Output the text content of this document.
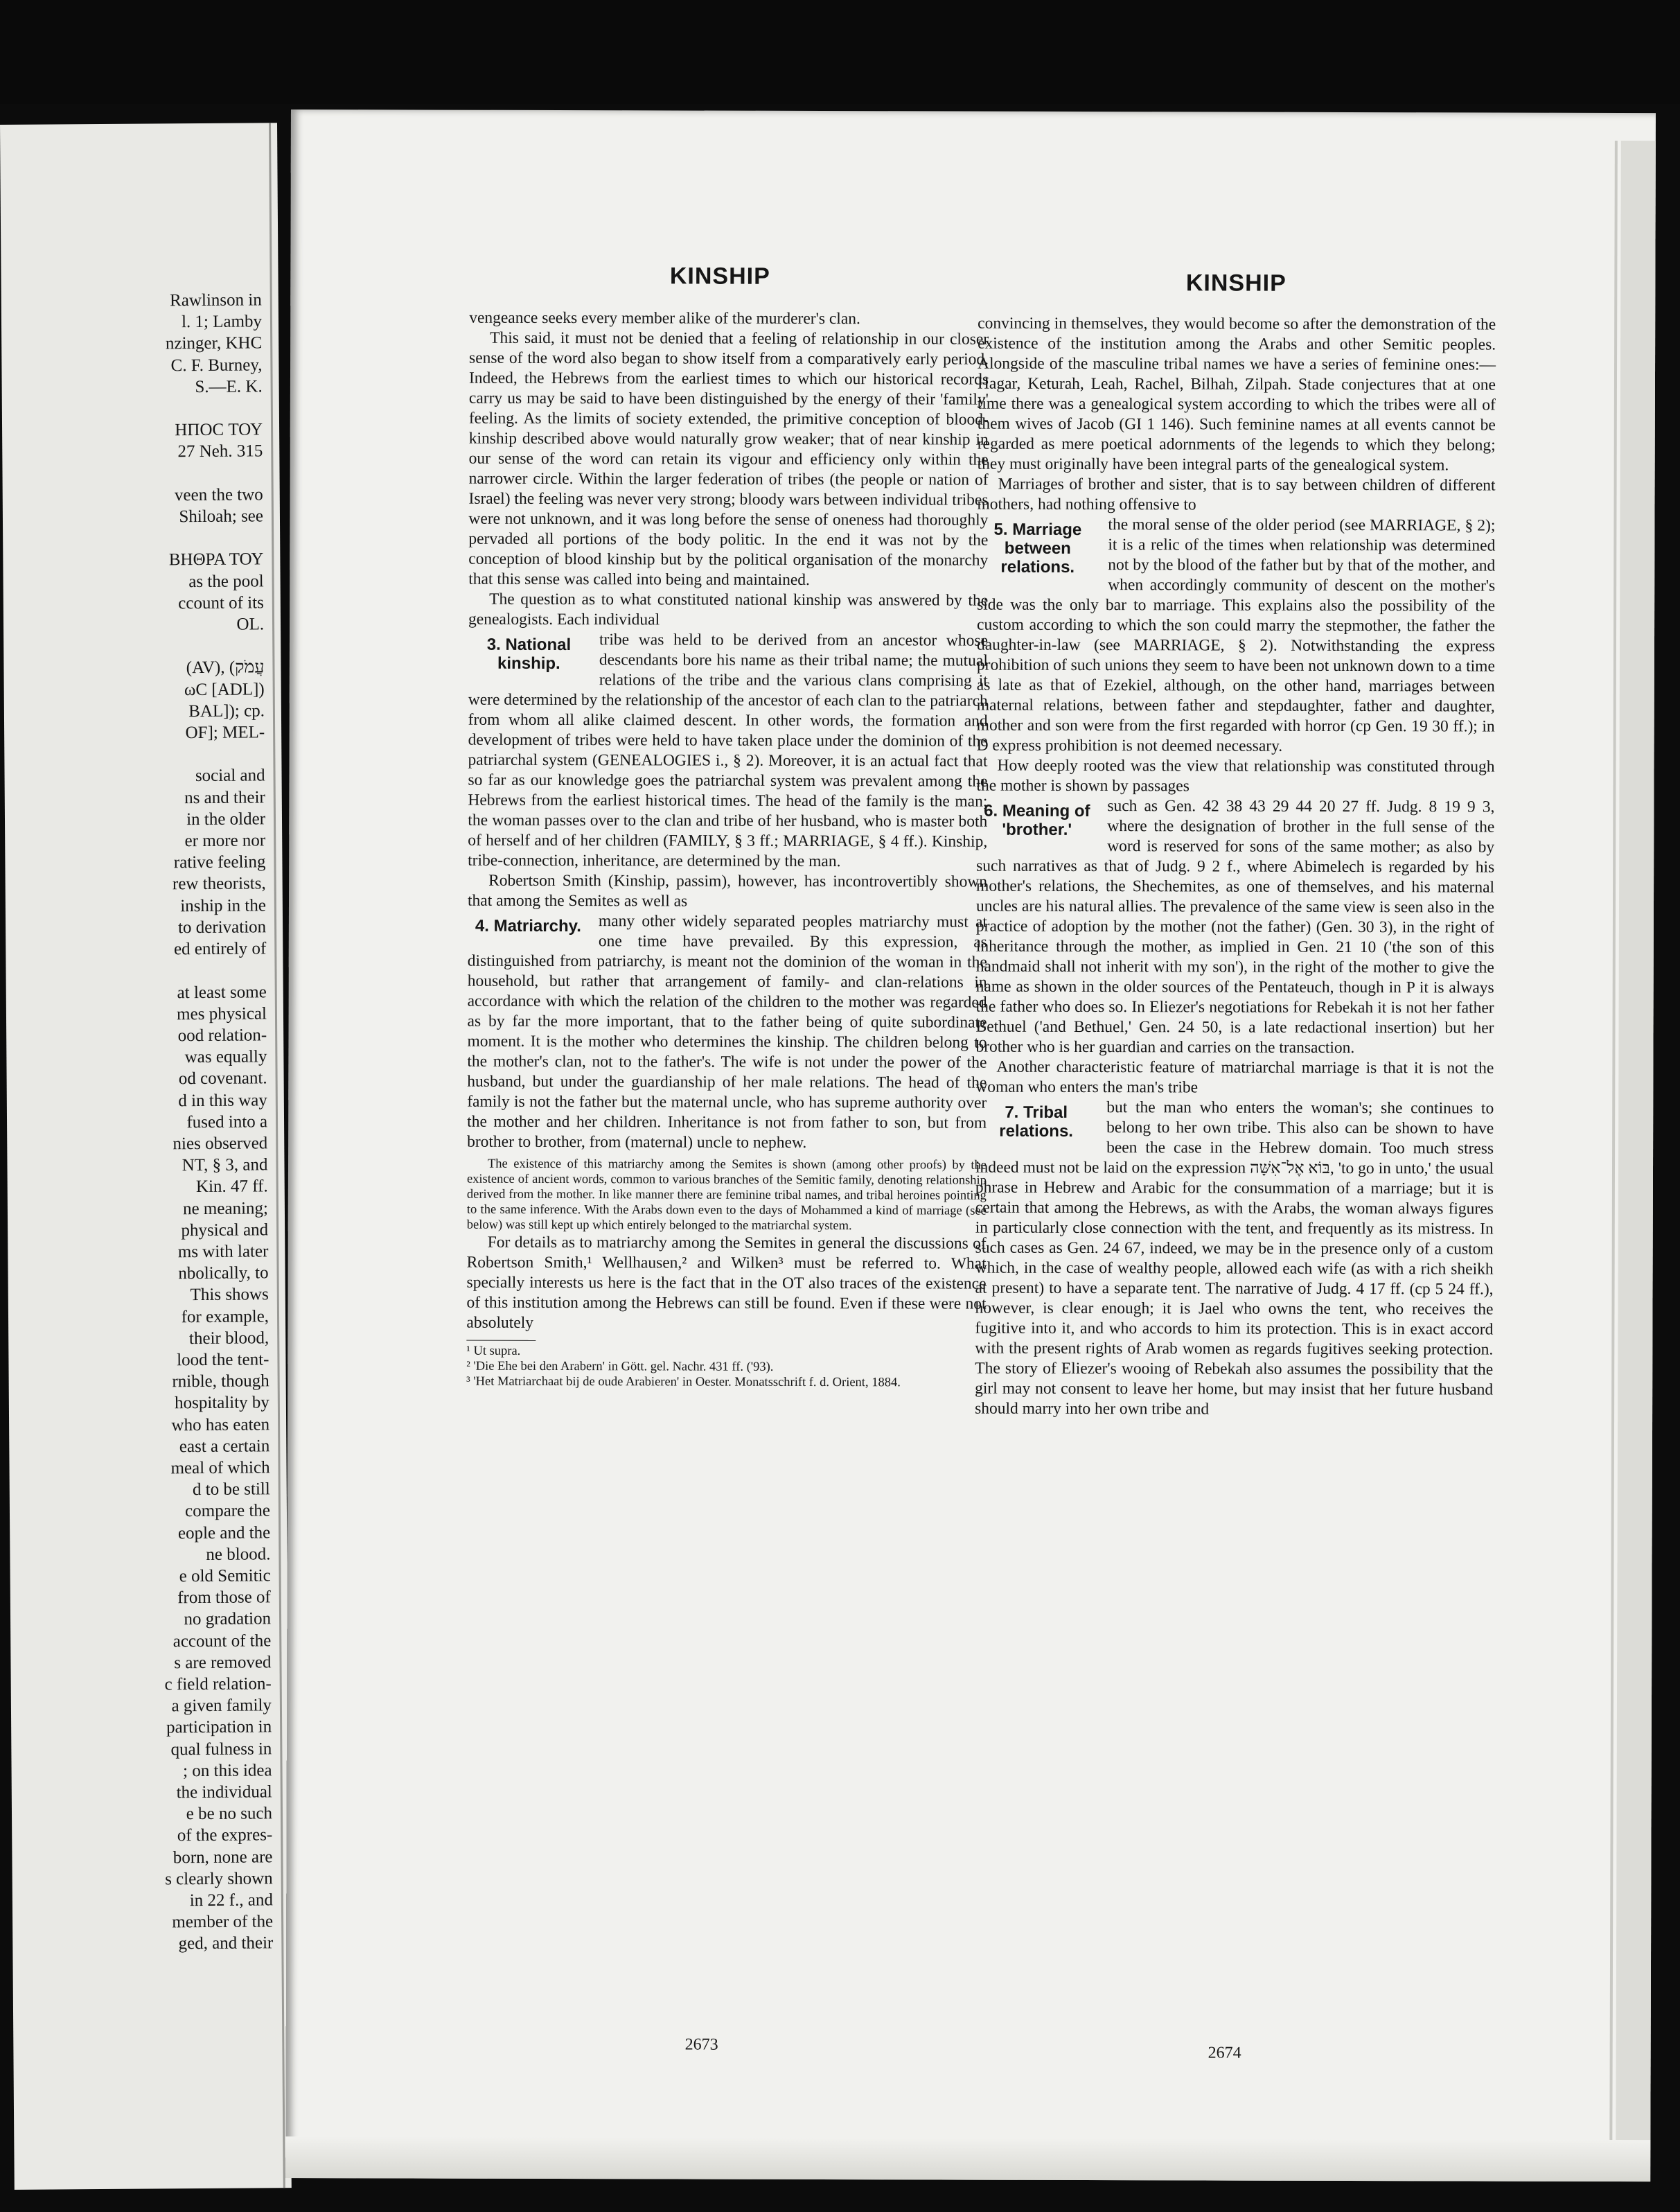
Rawlinson in
l. 1; Lamby
nzinger, KHC
C. F. Burney,
S.—E. K.

ΗΠΟC ΤΟΥ
27 Neh. 315

veen the two
Shiloah; see

ΒΗΘΡΑ ΤΟΥ
as the pool
ccount of its
OL.

(AV), (עֲמֹק
ωC [ADL])
BAL]); cp.
OF]; MEL-

social and
ns and their
in the older
er more nor
rative feeling
rew theorists,
inship in the
to derivation
ed entirely of

at least some
mes physical
ood relation-
was equally
od covenant.
d in this way
fused into a
nies observed
NT, § 3, and
Kin. 47 ff.
ne meaning;
physical and
ms with later
nbolically, to
This shows
for example,
their blood,
lood the tent-
rnible, though
hospitality by
who has eaten
east a certain
meal of which
d to be still
compare the
eople and the
ne blood.
e old Semitic
from those of
no gradation
account of the
s are removed
c field relation-
a given family
participation in
qual fulness in
; on this idea
the individual
e be no such
of the expres-
born, none are
s clearly shown
in 22 f., and
member of the
ged, and their
KINSHIP	KINSHIP

vengeance seeks every member alike of the murderer's clan.

This said, it must not be denied that a feeling of relationship in our closer sense of the word also began to show itself from a comparatively early period. Indeed, the Hebrews from the earliest times to which our historical records carry us may be said to have been distinguished by the energy of their 'family' feeling. As the limits of society extended, the primitive conception of blood-kinship described above would naturally grow weaker; that of near kinship in our sense of the word can retain its vigour and efficiency only within the narrower circle. Within the larger federation of tribes (the people or nation of Israel) the feeling was never very strong; bloody wars between individual tribes were not unknown, and it was long before the sense of oneness had thoroughly pervaded all portions of the body politic. In the end it was not by the conception of blood kinship but by the political organisation of the monarchy that this sense was called into being and maintained.

The question as to what constituted national kinship was answered by the genealogists. Each individual

3. National kinship.

tribe was held to be derived from an ancestor whose descendants bore his name as their tribal name; the mutual relations of the tribe and the various clans comprising it were determined by the relationship of the ancestor of each clan to the patriarch from whom all alike claimed descent. In other words, the formation and development of tribes were held to have taken place under the dominion of the patriarchal system (GENEALOGIES i., § 2). Moreover, it is an actual fact that so far as our knowledge goes the patriarchal system was prevalent among the Hebrews from the earliest historical times. The head of the family is the man; the woman passes over to the clan and tribe of her husband, who is master both of herself and of her children (FAMILY, § 3 ff.; MARRIAGE, § 4 ff.). Kinship, tribe-connection, inheritance, are determined by the man.

Robertson Smith (Kinship, passim), however, has incontrovertibly shown that among the Semites as well as

4. Matriarchy.	many other widely separated peoples matriarchy must at one time have prevailed. By this expression, as distinguished from patriarchy, is meant not the dominion of the woman in the household, but rather that arrangement of family- and clan-relations in accordance with which the relation of the children to the mother was regarded as by far the more important, that to the father being of quite subordinate moment. It is the mother who determines the kinship. The children belong to the mother's clan, not to the father's. The wife is not under the power of the husband, but under the guardianship of her male relations. The head of the family is not the father but the maternal uncle, who has supreme authority over the mother and her children. Inheritance is not from father to son, but from brother to brother, from (maternal) uncle to nephew.

The existence of this matriarchy among the Semites is shown (among other proofs) by the existence of ancient words, common to various branches of the Semitic family, denoting relationship derived from the mother. In like manner there are feminine tribal names, and tribal heroines pointing to the same inference. With the Arabs down even to the days of Mohammed a kind of marriage (see below) was still kept up which entirely belonged to the matriarchal system.

For details as to matriarchy among the Semites in general the discussions of Robertson Smith,¹ Wellhausen,² and Wilken³ must be referred to. What specially interests us here is the fact that in the OT also traces of the existence of this institution among the Hebrews can still be found. Even if these were not absolutely

¹ Ut supra.

² 'Die Ehe bei den Arabern' in Gött. gel. Nachr. 431 ff. ('93).

³ 'Het Matriarchaat bij de oude Arabieren' in Oester. Monatsschrift f. d. Orient, 1884.

convincing in themselves, they would become so after the demonstration of the existence of the institution among the Arabs and other Semitic peoples. Alongside of the masculine tribal names we have a series of feminine ones:—Hagar, Keturah, Leah, Rachel, Bilhah, Zilpah. Stade conjectures that at one time there was a genealogical system according to which the tribes were all of them wives of Jacob (GI 1 146). Such feminine names at all events cannot be regarded as mere poetical adornments of the legends to which they belong; they must originally have been integral parts of the genealogical system.

Marriages of brother and sister, that is to say between children of different mothers, had nothing offensive to

5. Marriage between relations.

the moral sense of the older period (see MARRIAGE, § 2); it is a relic of the times when relationship was determined not by the blood of the father but by that of the mother, and when accordingly community of descent on the mother's side was the only bar to marriage. This explains also the possibility of the custom according to which the son could marry the stepmother, the father the daughter-in-law (see MARRIAGE, § 2). Notwithstanding the express prohibition of such unions they seem to have been not unknown down to a time as late as that of Ezekiel, although, on the other hand, marriages between maternal relations, between father and stepdaughter, father and daughter, mother and son were from the first regarded with horror (cp Gen. 19 30 ff.); in D express prohibition is not deemed necessary.

How deeply rooted was the view that relationship was constituted through the mother is shown by passages

6. Meaning of 'brother.'

such as Gen. 42 38 43 29 44 20 27 ff. Judg. 8 19 9 3, where the designation of brother in the full sense of the word is reserved for sons of the same mother; as also by such narratives as that of Judg. 9 2 f., where Abimelech is regarded by his mother's relations, the Shechemites, as one of themselves, and his maternal uncles are his natural allies. The prevalence of the same view is seen also in the practice of adoption by the mother (not the father) (Gen. 30 3), in the right of inheritance through the mother, as implied in Gen. 21 10 ('the son of this handmaid shall not inherit with my son'), in the right of the mother to give the name as shown in the older sources of the Pentateuch, though in P it is always the father who does so. In Eliezer's negotiations for Rebekah it is not her father Bethuel ('and Bethuel,' Gen. 24 50, is a late redactional insertion) but her brother who is her guardian and carries on the transaction.

Another characteristic feature of matriarchal marriage is that it is not the woman who enters the man's tribe

7. Tribal relations.

but the man who enters the woman's; she continues to belong to her own tribe. This also can be shown to have been the case in the Hebrew domain. Too much stress indeed must not be laid on the expression בּוֹא אֶל־אִשָּׁה, 'to go in unto,' the usual phrase in Hebrew and Arabic for the consummation of a marriage; but it is certain that among the Hebrews, as with the Arabs, the woman always figures in particularly close connection with the tent, and frequently as its mistress. In such cases as Gen. 24 67, indeed, we may be in the presence only of a custom which, in the case of wealthy people, allowed each wife (as with a rich sheikh at present) to have a separate tent. The narrative of Judg. 4 17 ff. (cp 5 24 ff.), however, is clear enough; it is Jael who owns the tent, who receives the fugitive into it, and who accords to him its protection. This is in exact accord with the present rights of Arab women as regards fugitives seeking protection. The story of Eliezer's wooing of Rebekah also assumes the possibility that the girl may not consent to leave her home, but may insist that her future husband should marry into her own tribe and

2673	2674
